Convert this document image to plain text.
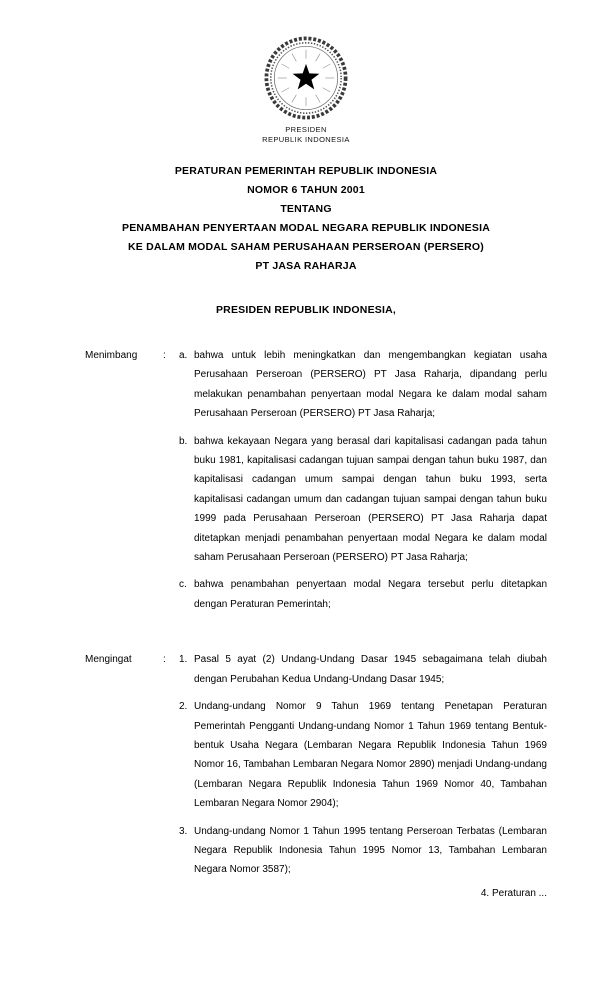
PRESIDEN
REPUBLIK INDONESIA
PERATURAN PEMERINTAH REPUBLIK INDONESIA
NOMOR 6 TAHUN 2001
TENTANG
PENAMBAHAN PENYERTAAN MODAL NEGARA REPUBLIK INDONESIA
KE DALAM MODAL SAHAM PERUSAHAAN PERSEROAN (PERSERO)
PT JASA RAHARJA
PRESIDEN REPUBLIK INDONESIA,
Menimbang	:	a. bahwa untuk lebih meningkatkan dan mengembangkan kegiatan usaha Perusahaan Perseroan (PERSERO) PT Jasa Raharja, dipandang perlu melakukan penambahan penyertaan modal Negara ke dalam modal saham Perusahaan Perseroan (PERSERO) PT Jasa Raharja;
b. bahwa kekayaan Negara yang berasal dari kapitalisasi cadangan pada tahun buku 1981, kapitalisasi cadangan tujuan sampai dengan tahun buku 1987, dan kapitalisasi cadangan umum sampai dengan tahun buku 1993, serta kapitalisasi cadangan umum dan cadangan tujuan sampai dengan tahun buku 1999 pada Perusahaan Perseroan (PERSERO) PT Jasa Raharja dapat ditetapkan menjadi penambahan penyertaan modal Negara ke dalam modal saham Perusahaan Perseroan (PERSERO) PT Jasa Raharja;
c. bahwa penambahan penyertaan modal Negara tersebut perlu ditetapkan dengan Peraturan Pemerintah;
Mengingat	:	1. Pasal 5 ayat (2) Undang-Undang Dasar 1945 sebagaimana telah diubah dengan Perubahan Kedua Undang-Undang Dasar 1945;
2. Undang-undang Nomor 9 Tahun 1969 tentang Penetapan Peraturan Pemerintah Pengganti Undang-undang Nomor 1 Tahun 1969 tentang Bentuk-bentuk Usaha Negara (Lembaran Negara Republik Indonesia Tahun 1969 Nomor 16, Tambahan Lembaran Negara Nomor 2890) menjadi Undang-undang (Lembaran Negara Republik Indonesia Tahun 1969 Nomor 40, Tambahan Lembaran Negara Nomor 2904);
3. Undang-undang Nomor 1 Tahun 1995 tentang Perseroan Terbatas (Lembaran Negara Republik Indonesia Tahun 1995 Nomor 13, Tambahan Lembaran Negara Nomor 3587);
4. Peraturan ...
